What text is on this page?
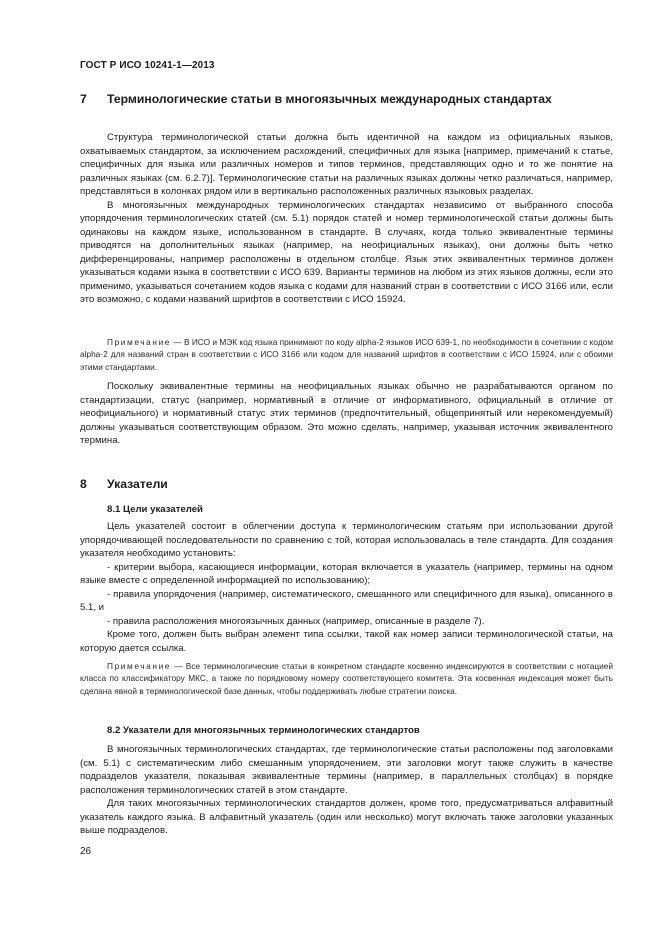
ГОСТ Р ИСО 10241-1—2013
7 Терминологические статьи в многоязычных международных стандартах

Структура терминологической статьи должна быть идентичной на каждом из официальных языков, охватываемых стандартом, за исключением расхождений, специфичных для языка [например, примечаний к статье, специфичных для языка или различных номеров и типов терминов, представляющих одно и то же понятие на различных языках (см. 6.2.7)]. Терминологические статьи на различных языках должны четко различаться, например, представляться в колонках рядом или в вертикально расположенных различных языковых разделах.

В многоязычных международных терминологических стандартах независимо от выбранного способа упорядочения терминологических статей (см. 5.1) порядок статей и номер терминологической статьи должны быть одинаковы на каждом языке, использованном в стандарте. В случаях, когда только эквивалентные термины приводятся на дополнительных языках (например, на неофициальных языках), они должны быть четко дифференцированы, например расположены в отдельном столбце. Язык этих эквивалентных терминов должен указываться кодами языка в соответствии с ИСО 639. Варианты терминов на любом из этих языков должны, если это применимо, указываться сочетанием кодов языка с кодами для названий стран в соответствии с ИСО 3166 или, если это возможно, с кодами названий шрифтов в соответствии с ИСО 15924.

Примечание — В ИСО и МЭК код языка принимают по коду alpha-2 языков ИСО 639-1, по необходимости в сочетании с кодом alpha-2 для названий стран в соответствии с ИСО 3166 или кодом для названий шрифтов в соответствии с ИСО 15924, или с обоими этими стандартами.

Поскольку эквивалентные термины на неофициальных языках обычно не разрабатываются органом по стандартизации, статус (например, нормативный в отличие от информативного, официальный в отличие от неофициального) и нормативный статус этих терминов (предпочтительный, общепринятый или нерекомендуемый) должны указываться соответствующим образом. Это можно сделать, например, указывая источник эквивалентного термина.

8 Указатели
8.1 Цели указателей

Цель указателей состоит в облегчении доступа к терминологическим статьям при использовании другой упорядочивающей последовательности по сравнению с той, которая использовалась в теле стандарта. Для создания указателя необходимо установить:

- критерии выбора, касающиеся информации, которая включается в указатель (например, термины на одном языке вместе с определенной информацией по использованию);

- правила упорядочения (например, систематического, смешанного или специфичного для языка), описанного в 5.1, и

- правила расположения многоязычных данных (например, описанные в разделе 7).

Кроме того, должен быть выбран элемент типа ссылки, такой как номер записи терминологической статьи, на которую дается ссылка.

Примечание — Все терминологические статьи в конкретном стандарте косвенно индексируются в соответствии с нотацией класса по классификатору МКС, а также по порядковому номеру соответствующего комитета. Эта косвенная индексация может быть сделана явной в терминологической базе данных, чтобы поддерживать любые стратегии поиска.

8.2 Указатели для многоязычных терминологических стандартов

В многоязычных терминологических стандартах, где терминологические статьи расположены под заголовками (см. 5.1) с систематическим либо смешанным упорядочением, эти заголовки могут также служить в качестве подразделов указателя, показывая эквивалентные термины (например, в параллельных столбцах) в порядке расположения терминологических статей в этом стандарте.

Для таких многоязычных терминологических стандартов должен, кроме того, предусматриваться алфавитный указатель каждого языка. В алфавитный указатель (один или несколько) могут включать также заголовки указанных выше подразделов.

26
